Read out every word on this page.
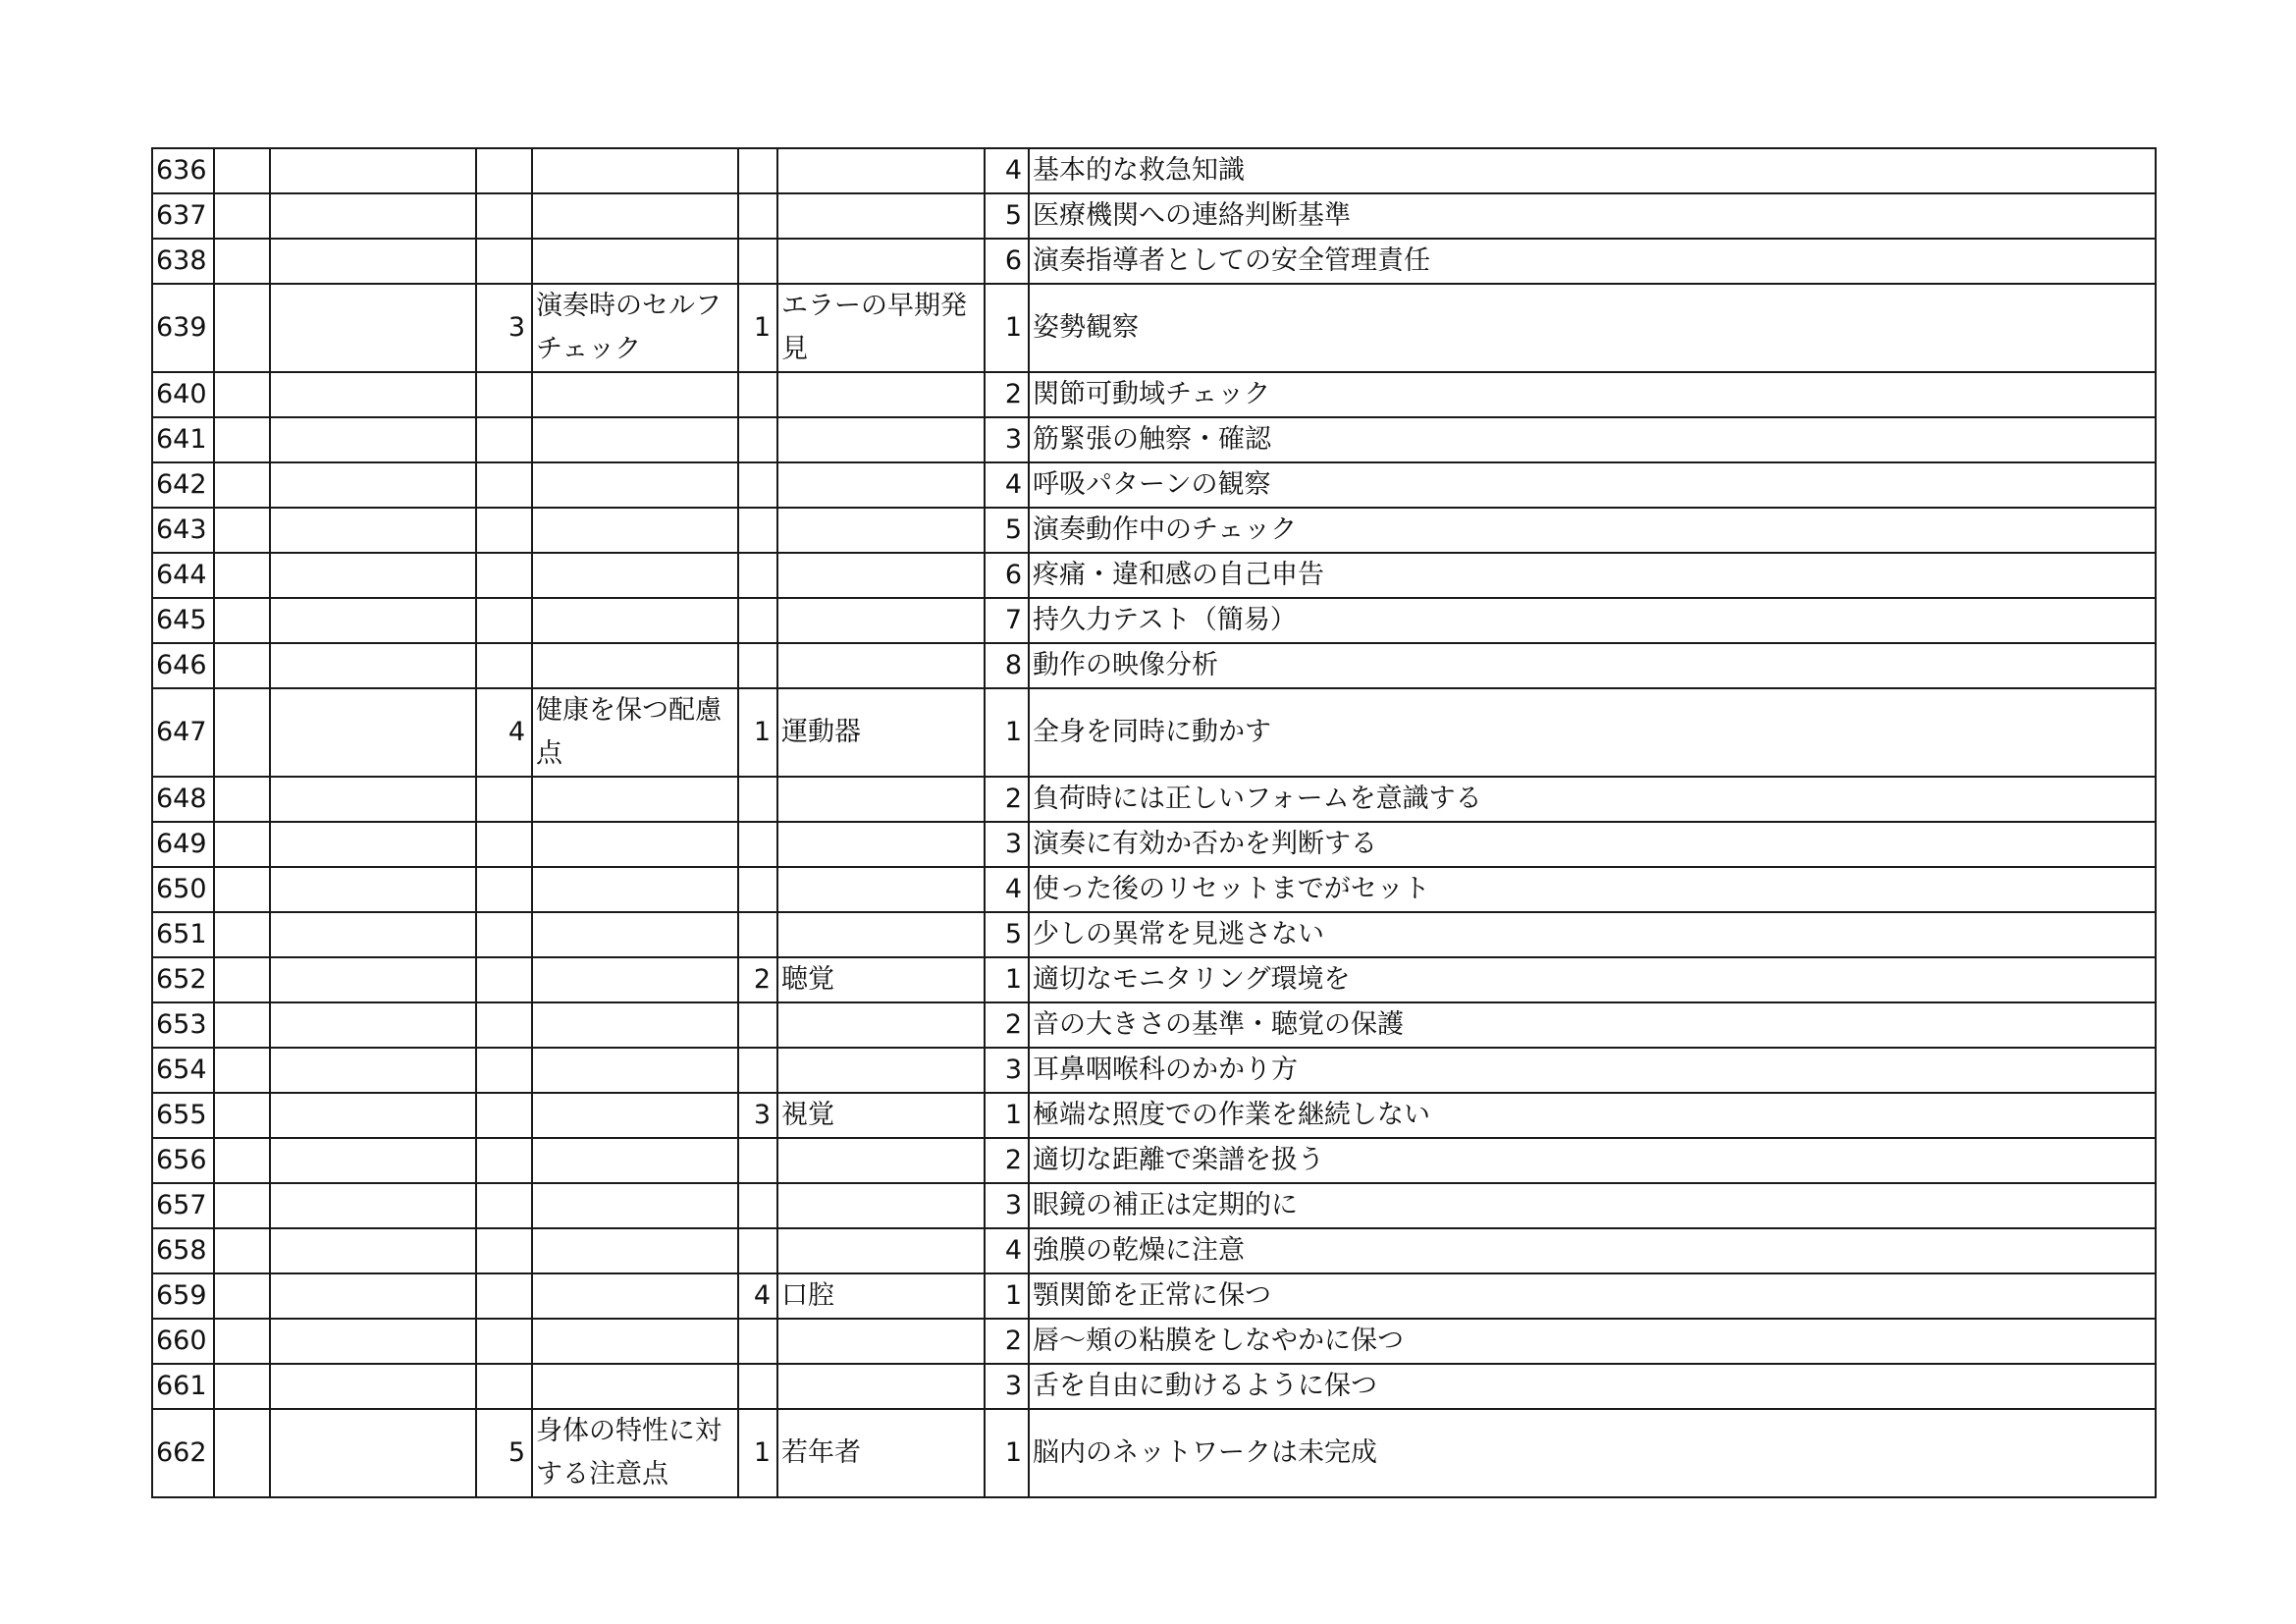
636							4	基本的な救急知識
637							5	医療機関への連絡判断基準
638							6	演奏指導者としての安全管理責任
639			3	演奏時のセルフチェック	1	エラーの早期発見	1	姿勢観察
640							2	関節可動域チェック
641							3	筋緊張の触察・確認
642							4	呼吸パターンの観察
643							5	演奏動作中のチェック
644							6	疼痛・違和感の自己申告
645							7	持久力テスト（簡易）
646							8	動作の映像分析
647			4	健康を保つ配慮点	1	運動器	1	全身を同時に動かす
648							2	負荷時には正しいフォームを意識する
649							3	演奏に有効か否かを判断する
650							4	使った後のリセットまでがセット
651							5	少しの異常を見逃さない
652					2	聴覚	1	適切なモニタリング環境を
653							2	音の大きさの基準・聴覚の保護
654							3	耳鼻咽喉科のかかり方
655					3	視覚	1	極端な照度での作業を継続しない
656							2	適切な距離で楽譜を扱う
657							3	眼鏡の補正は定期的に
658							4	強膜の乾燥に注意
659					4	口腔	1	顎関節を正常に保つ
660							2	唇～頬の粘膜をしなやかに保つ
661							3	舌を自由に動けるように保つ
662			5	身体の特性に対する注意点	1	若年者	1	脳内のネットワークは未完成
